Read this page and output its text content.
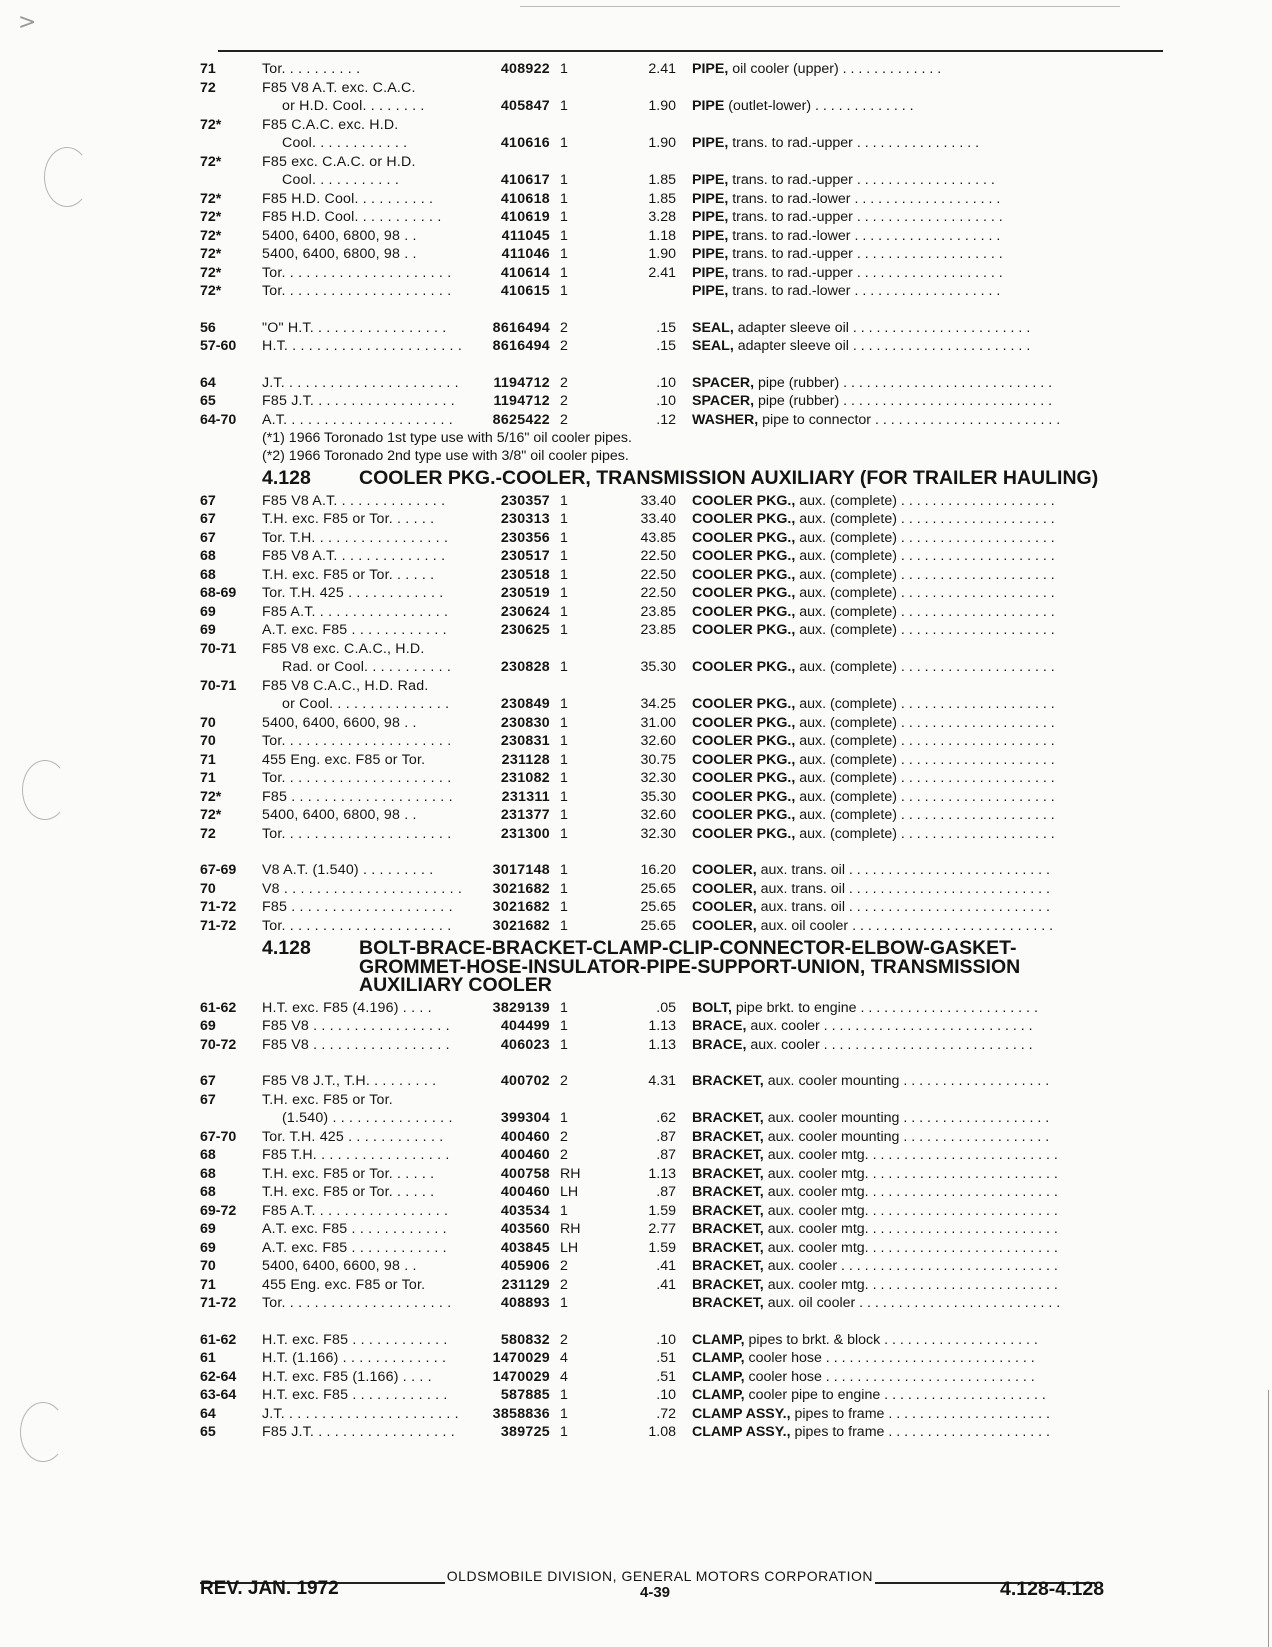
>
71	Tor. . . . . . . . . .	408922 1	2.41 PIPE, oil cooler (upper) . . . . . . . . . . . . .
72	F85 V8 A.T. exc. C.A.C.
or H.D. Cool. . . . . . . .	405847 1	1.90 PIPE (outlet-lower) . . . . . . . . . . . . .
72*	F85 C.A.C. exc. H.D.
Cool. . . . . . . . . . . .	410616 1	1.90 PIPE, trans. to rad.-upper . . . . . . . . . . . . . . . .
72*	F85 exc. C.A.C. or H.D.
Cool. . . . . . . . . . .	410617 1	1.85 PIPE, trans. to rad.-upper . . . . . . . . . . . . . . . . . .
72*	F85 H.D. Cool. . . . . . . . . .	410618 1	1.85 PIPE, trans. to rad.-lower . . . . . . . . . . . . . . . . . . .
72*	F85 H.D. Cool. . . . . . . . . . .	410619 1	3.28 PIPE, trans. to rad.-upper . . . . . . . . . . . . . . . . . . .
72*	5400, 6400, 6800, 98 . .	411045 1	1.18 PIPE, trans. to rad.-lower . . . . . . . . . . . . . . . . . . .
72*	5400, 6400, 6800, 98 . .	411046 1	1.90 PIPE, trans. to rad.-upper . . . . . . . . . . . . . . . . . . .
72*	Tor. . . . . . . . . . . . . . . . . . . . .	410614 1	2.41 PIPE, trans. to rad.-upper . . . . . . . . . . . . . . . . . . .
72*	Tor. . . . . . . . . . . . . . . . . . . . .	410615 1	PIPE, trans. to rad.-lower . . . . . . . . . . . . . . . . . . .
56	"O" H.T. . . . . . . . . . . . . . . . .	8616494 2	.15 SEAL, adapter sleeve oil . . . . . . . . . . . . . . . . . . . . . . .
57-60	H.T. . . . . . . . . . . . . . . . . . . . . .	8616494 2	.15 SEAL, adapter sleeve oil . . . . . . . . . . . . . . . . . . . . . . .
64	J.T. . . . . . . . . . . . . . . . . . . . . .	1194712 2	.10 SPACER, pipe (rubber) . . . . . . . . . . . . . . . . . . . . . . . . . . .
65	F85 J.T. . . . . . . . . . . . . . . . . .	1194712 2	.10 SPACER, pipe (rubber) . . . . . . . . . . . . . . . . . . . . . . . . . . .
64-70	A.T. . . . . . . . . . . . . . . . . . . . .	8625422 2	.12 WASHER, pipe to connector . . . . . . . . . . . . . . . . . . . . . . . .
(*1) 1966 Toronado 1st type use with 5/16" oil cooler pipes.
(*2) 1966 Toronado 2nd type use with 3/8" oil cooler pipes.
4.128	COOLER PKG.-COOLER, TRANSMISSION AUXILIARY (FOR TRAILER HAULING)
67	F85 V8 A.T. . . . . . . . . . . . . .	230357 1	33.40 COOLER PKG., aux. (complete) . . . . . . . . . . . . . . . . . . . .
67	T.H. exc. F85 or Tor. . . . . .	230313 1	33.40 COOLER PKG., aux. (complete) . . . . . . . . . . . . . . . . . . . .
67	Tor. T.H. . . . . . . . . . . . . . . . .	230356 1	43.85 COOLER PKG., aux. (complete) . . . . . . . . . . . . . . . . . . . .
68	F85 V8 A.T. . . . . . . . . . . . . .	230517 1	22.50 COOLER PKG., aux. (complete) . . . . . . . . . . . . . . . . . . . .
68	T.H. exc. F85 or Tor. . . . . .	230518 1	22.50 COOLER PKG., aux. (complete) . . . . . . . . . . . . . . . . . . . .
68-69	Tor. T.H. 425 . . . . . . . . . . . .	230519 1	22.50 COOLER PKG., aux. (complete) . . . . . . . . . . . . . . . . . . . .
69	F85 A.T. . . . . . . . . . . . . . . . .	230624 1	23.85 COOLER PKG., aux. (complete) . . . . . . . . . . . . . . . . . . . .
69	A.T. exc. F85 . . . . . . . . . . . .	230625 1	23.85 COOLER PKG., aux. (complete) . . . . . . . . . . . . . . . . . . . .
70-71	F85 V8 exc. C.A.C., H.D.
Rad. or Cool. . . . . . . . . . .	230828 1	35.30 COOLER PKG., aux. (complete) . . . . . . . . . . . . . . . . . . . .
70-71	F85 V8 C.A.C., H.D. Rad.
or Cool. . . . . . . . . . . . . . .	230849 1	34.25 COOLER PKG., aux. (complete) . . . . . . . . . . . . . . . . . . . .
70	5400, 6400, 6600, 98 . .	230830 1	31.00 COOLER PKG., aux. (complete) . . . . . . . . . . . . . . . . . . . .
70	Tor. . . . . . . . . . . . . . . . . . . . .	230831 1	32.60 COOLER PKG., aux. (complete) . . . . . . . . . . . . . . . . . . . .
71	455 Eng. exc. F85 or Tor.	231128 1	30.75 COOLER PKG., aux. (complete) . . . . . . . . . . . . . . . . . . . .
71	Tor. . . . . . . . . . . . . . . . . . . . .	231082 1	32.30 COOLER PKG., aux. (complete) . . . . . . . . . . . . . . . . . . . .
72*	F85 . . . . . . . . . . . . . . . . . . . .	231311 1	35.30 COOLER PKG., aux. (complete) . . . . . . . . . . . . . . . . . . . .
72*	5400, 6400, 6800, 98 . .	231377 1	32.60 COOLER PKG., aux. (complete) . . . . . . . . . . . . . . . . . . . .
72	Tor. . . . . . . . . . . . . . . . . . . . .	231300 1	32.30 COOLER PKG., aux. (complete) . . . . . . . . . . . . . . . . . . . .
67-69	V8 A.T. (1.540) . . . . . . . . .	3017148 1	16.20 COOLER, aux. trans. oil . . . . . . . . . . . . . . . . . . . . . . . . . .
70	V8 . . . . . . . . . . . . . . . . . . . . . .	3021682 1	25.65 COOLER, aux. trans. oil . . . . . . . . . . . . . . . . . . . . . . . . . .
71-72	F85 . . . . . . . . . . . . . . . . . . . .	3021682 1	25.65 COOLER, aux. trans. oil . . . . . . . . . . . . . . . . . . . . . . . . . .
71-72	Tor. . . . . . . . . . . . . . . . . . . . .	3021682 1	25.65 COOLER, aux. oil cooler . . . . . . . . . . . . . . . . . . . . . . . . . .
4.128	BOLT-BRACE-BRACKET-CLAMP-CLIP-CONNECTOR-ELBOW-GASKET-GROMMET-HOSE-INSULATOR-PIPE-SUPPORT-UNION, TRANSMISSION AUXILIARY COOLER
61-62	H.T. exc. F85 (4.196) . . . .	3829139 1	.05 BOLT, pipe brkt. to engine . . . . . . . . . . . . . . . . . . . . . . .
69	F85 V8 . . . . . . . . . . . . . . . . .	404499 1	1.13 BRACE, aux. cooler . . . . . . . . . . . . . . . . . . . . . . . . . . .
70-72	F85 V8 . . . . . . . . . . . . . . . . .	406023 1	1.13 BRACE, aux. cooler . . . . . . . . . . . . . . . . . . . . . . . . . . .
67	F85 V8 J.T., T.H. . . . . . . . .	400702 2	4.31 BRACKET, aux. cooler mounting . . . . . . . . . . . . . . . . . . .
67	T.H. exc. F85 or Tor.
(1.540) . . . . . . . . . . . . . . .	399304 1	.62 BRACKET, aux. cooler mounting . . . . . . . . . . . . . . . . . . .
67-70	Tor. T.H. 425 . . . . . . . . . . . .	400460 2	.87 BRACKET, aux. cooler mounting . . . . . . . . . . . . . . . . . . .
68	F85 T.H. . . . . . . . . . . . . . . . .	400460 2	.87 BRACKET, aux. cooler mtg. . . . . . . . . . . . . . . . . . . . . . . . .
68	T.H. exc. F85 or Tor. . . . . .	400758 RH	1.13 BRACKET, aux. cooler mtg. . . . . . . . . . . . . . . . . . . . . . . . .
68	T.H. exc. F85 or Tor. . . . . .	400460 LH	.87 BRACKET, aux. cooler mtg. . . . . . . . . . . . . . . . . . . . . . . . .
69-72	F85 A.T. . . . . . . . . . . . . . . . .	403534 1	1.59 BRACKET, aux. cooler mtg. . . . . . . . . . . . . . . . . . . . . . . . .
69	A.T. exc. F85 . . . . . . . . . . . .	403560 RH	2.77 BRACKET, aux. cooler mtg. . . . . . . . . . . . . . . . . . . . . . . . .
69	A.T. exc. F85 . . . . . . . . . . . .	403845 LH	1.59 BRACKET, aux. cooler mtg. . . . . . . . . . . . . . . . . . . . . . . . .
70	5400, 6400, 6600, 98 . .	405906 2	.41 BRACKET, aux. cooler . . . . . . . . . . . . . . . . . . . . . . . . . . . .
71	455 Eng. exc. F85 or Tor.	231129 2	.41 BRACKET, aux. cooler mtg. . . . . . . . . . . . . . . . . . . . . . . . .
71-72	Tor. . . . . . . . . . . . . . . . . . . . .	408893 1	BRACKET, aux. oil cooler . . . . . . . . . . . . . . . . . . . . . . . . . .
61-62	H.T. exc. F85 . . . . . . . . . . . .	580832 2	.10 CLAMP, pipes to brkt. & block . . . . . . . . . . . . . . . . . . . .
61	H.T. (1.166) . . . . . . . . . . . . .	1470029 4	.51 CLAMP, cooler hose . . . . . . . . . . . . . . . . . . . . . . . . . . .
62-64	H.T. exc. F85 (1.166) . . . .	1470029 4	.51 CLAMP, cooler hose . . . . . . . . . . . . . . . . . . . . . . . . . . .
63-64	H.T. exc. F85 . . . . . . . . . . . .	587885 1	.10 CLAMP, cooler pipe to engine . . . . . . . . . . . . . . . . . . . . .
64	J.T. . . . . . . . . . . . . . . . . . . . . .	3858836 1	.72 CLAMP ASSY., pipes to frame . . . . . . . . . . . . . . . . . . . . .
65	F85 J.T. . . . . . . . . . . . . . . . . .	389725 1	1.08 CLAMP ASSY., pipes to frame . . . . . . . . . . . . . . . . . . . . .
OLDSMOBILE DIVISION, GENERAL MOTORS CORPORATION
REV. JAN. 1972	4-39	4.128-4.128
